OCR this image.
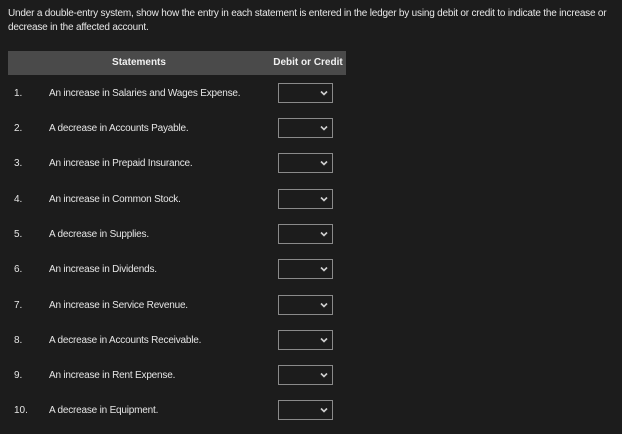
Under a double-entry system, show how the entry in each statement is entered in the ledger by using debit or credit to indicate the increase or decrease in the affected account.
Statements	Debit or Credit
1.	An increase in Salaries and Wages Expense.
2.	A decrease in Accounts Payable.
3.	An increase in Prepaid Insurance.
4.	An increase in Common Stock.
5.	A decrease in Supplies.
6.	An increase in Dividends.
7.	An increase in Service Revenue.
8.	A decrease in Accounts Receivable.
9.	An increase in Rent Expense.
10. A decrease in Equipment.
